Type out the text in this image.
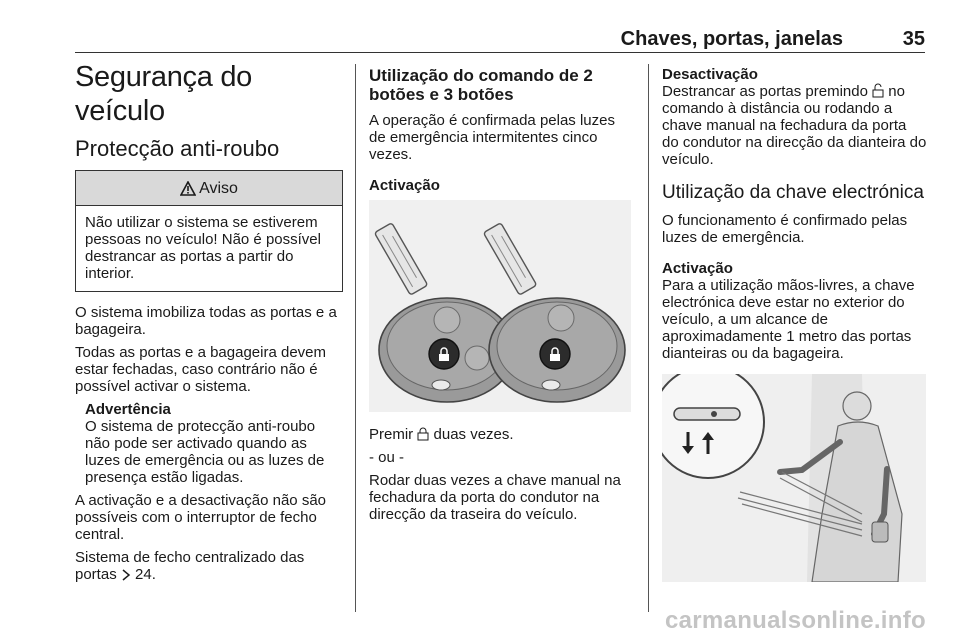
Chaves, portas, janelas	35
Segurança do veículo
Protecção anti-roubo
Aviso
Não utilizar o sistema se estiverem pessoas no veículo! Não é possível destrancar as portas a partir do interior.

O sistema imobiliza todas as portas e a bagageira.

Todas as portas e a bagageira devem estar fechadas, caso contrário não é possível activar o sistema.

Advertência
O sistema de protecção anti-roubo não pode ser activado quando as luzes de emergência ou as luzes de presença estão ligadas.

A activação e a desactivação não são possíveis com o interruptor de fecho central.

Sistema de fecho centralizado das portas 24.

Utilização do comando de 2 botões e 3 botões

A operação é confirmada pelas luzes de emergência intermitentes cinco vezes.

Activação

Premir duas vezes.

- ou -

Rodar duas vezes a chave manual na fechadura da porta do condutor na direcção da traseira do veículo.

Desactivação

Destrancar as portas premindo no comando à distância ou rodando a chave manual na fechadura da porta do condutor na direcção da dianteira do veículo.

Utilização da chave electrónica

O funcionamento é confirmado pelas luzes de emergência.

Activação

Para a utilização mãos-livres, a chave electrónica deve estar no exterior do veículo, a um alcance de aproximadamente 1 metro das portas dianteiras ou da bagageira.

carmanualsonline.info
